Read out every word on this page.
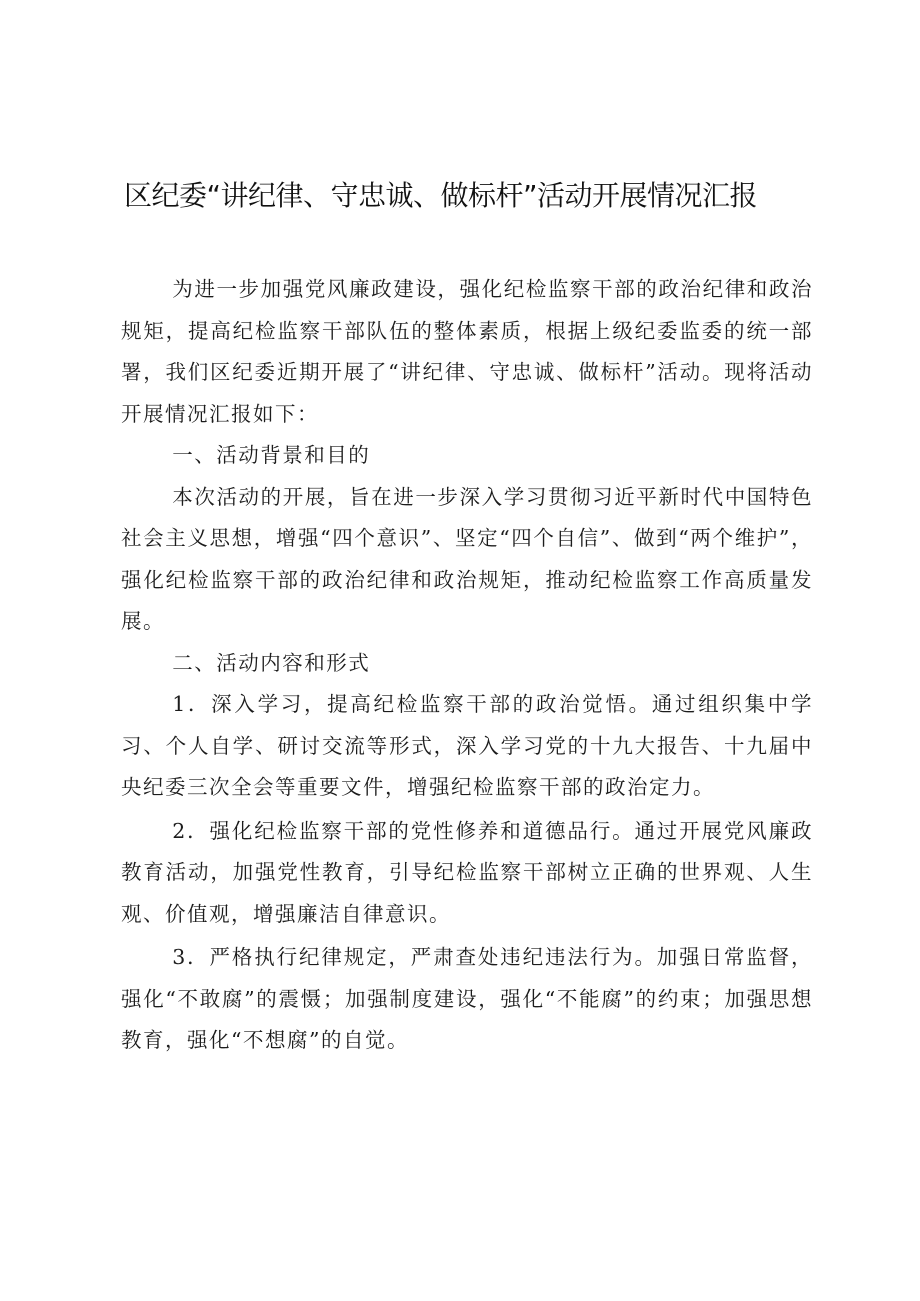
区纪委“讲纪律、守忠诚、做标杆”活动开展情况汇报

为进一步加强党风廉政建设，强化纪检监察干部的政治纪律和政治规矩，提高纪检监察干部队伍的整体素质，根据上级纪委监委的统一部署，我们区纪委近期开展了“讲纪律、守忠诚、做标杆”活动。现将活动开展情况汇报如下：

一、活动背景和目的

本次活动的开展，旨在进一步深入学习贯彻习近平新时代中国特色社会主义思想，增强“四个意识”、坚定“四个自信”、做到“两个维护”，强化纪检监察干部的政治纪律和政治规矩，推动纪检监察工作高质量发展。

二、活动内容和形式

1．深入学习，提高纪检监察干部的政治觉悟。通过组织集中学习、个人自学、研讨交流等形式，深入学习党的十九大报告、十九届中央纪委三次全会等重要文件，增强纪检监察干部的政治定力。

2．强化纪检监察干部的党性修养和道德品行。通过开展党风廉政教育活动，加强党性教育，引导纪检监察干部树立正确的世界观、人生观、价值观，增强廉洁自律意识。

3．严格执行纪律规定，严肃查处违纪违法行为。加强日常监督，强化“不敢腐”的震慑；加强制度建设，强化“不能腐”的约束；加强思想教育，强化“不想腐”的自觉。
